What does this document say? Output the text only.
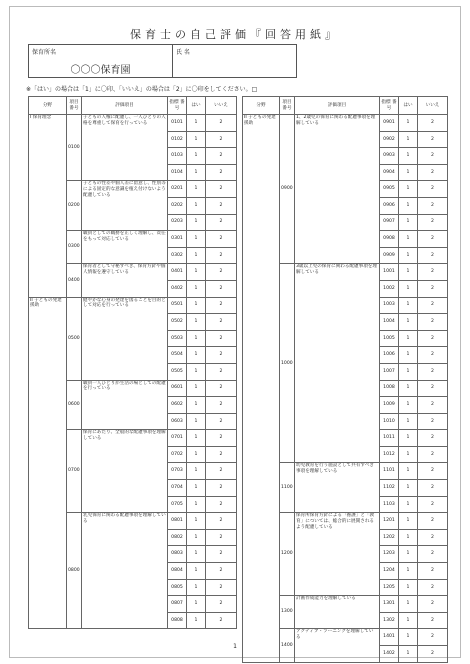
保育士の自己評価『回答用紙』
保育所名
〇〇〇保育園
氏 名
※「はい」の場合は「1」に〇印、「いいえ」の場合は「2」に〇印をしてください。□
分野	項目 番号	評価項目	指標 番号	はい	いいえ
I 保育理念	0100	子どもの人権に配慮し、一人ひとりの人格を尊重して保育を行っている	0101	1	2
			0102	1	2
			0103	1	2
			0104	1	2
	0200	子どもの性差や個人差に留意し、性別等による固定的な意識を植え付けないよう配慮している	0201	1	2
			0202	1	2
			0203	1	2
	0300	職員としての職務を正しく理解し、責任をもって対応している	0301	1	2
			0302	1	2
	0400	保育者として守秘すべき、保育方針や個人情報を遵守している	0401	1	2
			0402	1	2
II 子どもの発達援助	0500	健やかな心身の発達を図ることを目的として対応を行っている	0501	1	2
			0502	1	2
			0503	1	2
			0504	1	2
			0505	1	2
	0600	職員一人ひとりが生活の場としての配慮を行っている	0601	1	2
			0602	1	2
			0603	1	2
	0700	保育にあたり、全般的な配慮事項を理解している	0701	1	2
			0702	1	2
			0703	1	2
			0704	1	2
			0705	1	2
	0800	乳児保育に関わる配慮事項を理解している	0801	1	2
			0802	1	2
			0803	1	2
			0804	1	2
			0805	1	2
			0807	1	2
			0808	1	2
分野	項目 番号	評価項目	指標 番号	はい	いいえ
II 子どもの発達援助	0900	1、2歳児の保育に関わる配慮事項を理解している	0901	1	2
			0902	1	2
			0903	1	2
			0904	1	2
			0905	1	2
			0906	1	2
			0907	1	2
			0908	1	2
			0909	1	2
	1000	3歳以上児の保育に関わる配慮事項を理解している	1001	1	2
			1002	1	2
			1003	1	2
			1004	1	2
			1005	1	2
			1006	1	2
			1007	1	2
			1008	1	2
			1009	1	2
			1010	1	2
			1011	1	2
			1012	1	2
	1100	幼児教育を行う施設として共有すべき事項を理解している	1101	1	2
			1102	1	2
			1103	1	2
	1200	保育所保育方針による「養護」と「教育」については、総合的に展開されるよう配慮している	1201	1	2
			1202	1	2
			1203	1	2
			1204	1	2
			1205	1	2
	1300	計画作成能力を理解している	1301	1	2
			1302	1	2
	1400	アクティブ・ラーニングを理解している	1401	1	2
			1402	1	2
1
